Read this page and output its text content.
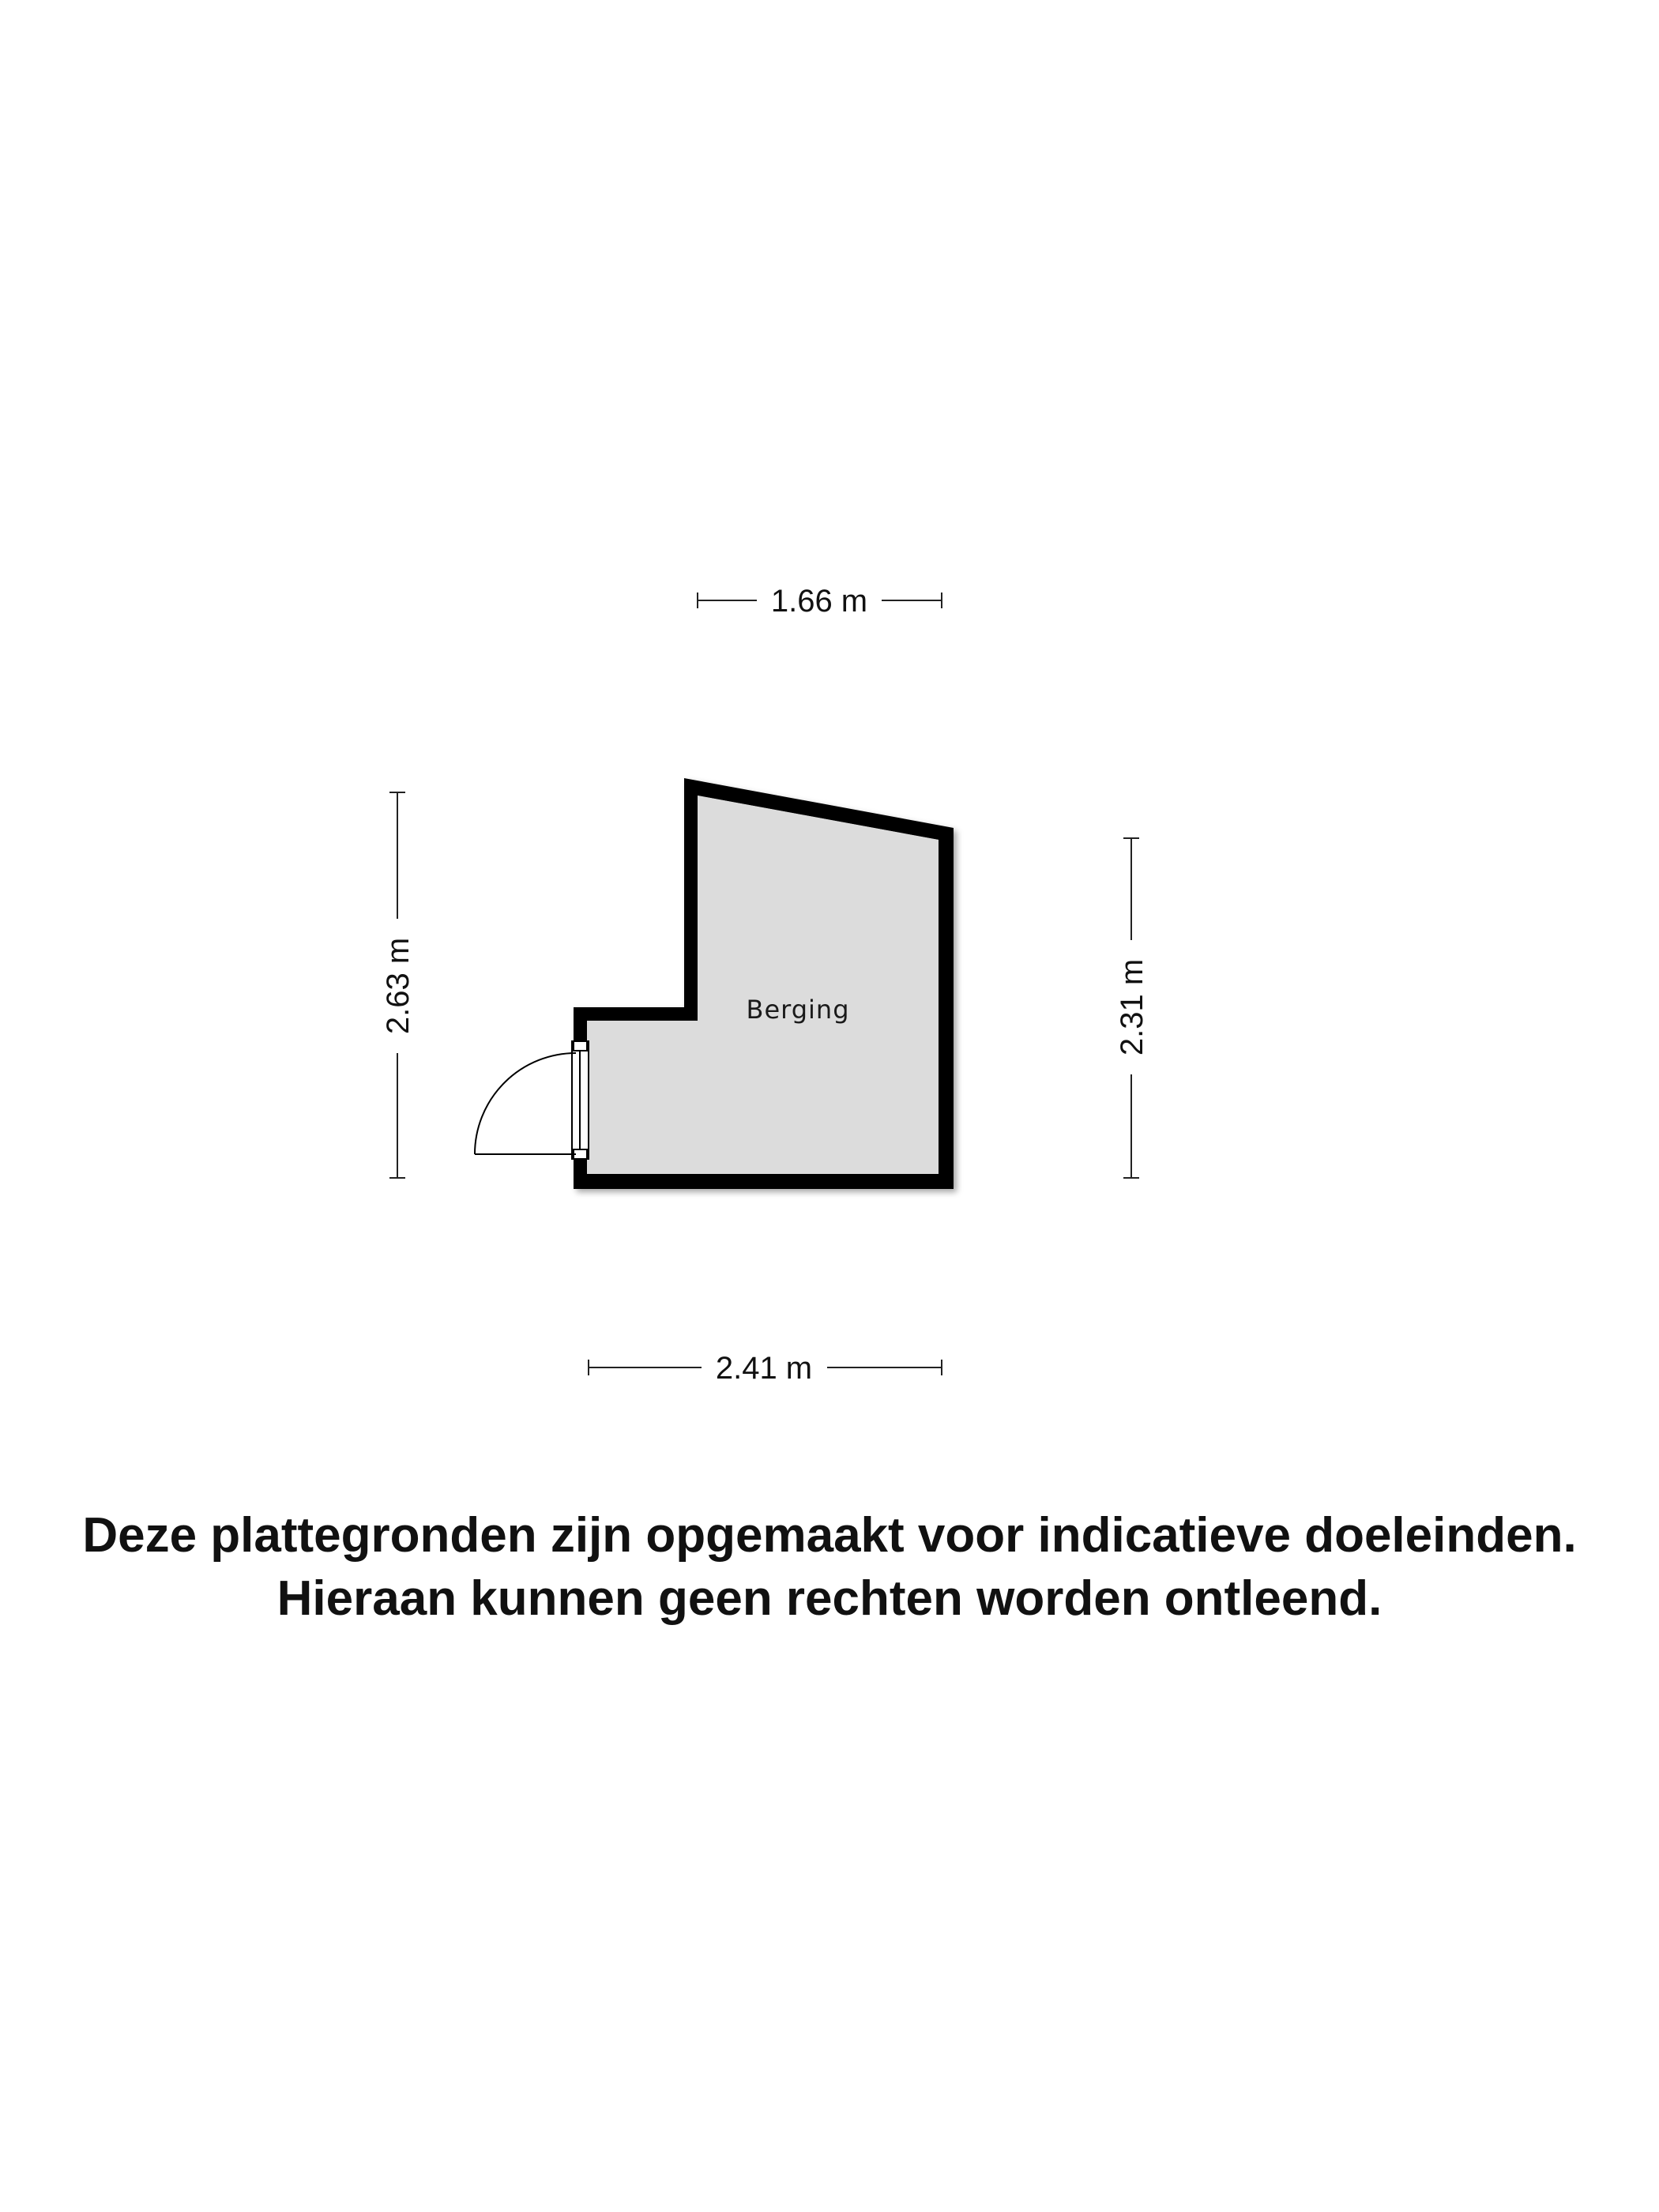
1.66 m
2.41 m
2.63 m	2.31 m
Berging
Deze plattegronden zijn opgemaakt voor indicatieve doeleinden.
Hieraan kunnen geen rechten worden ontleend.
